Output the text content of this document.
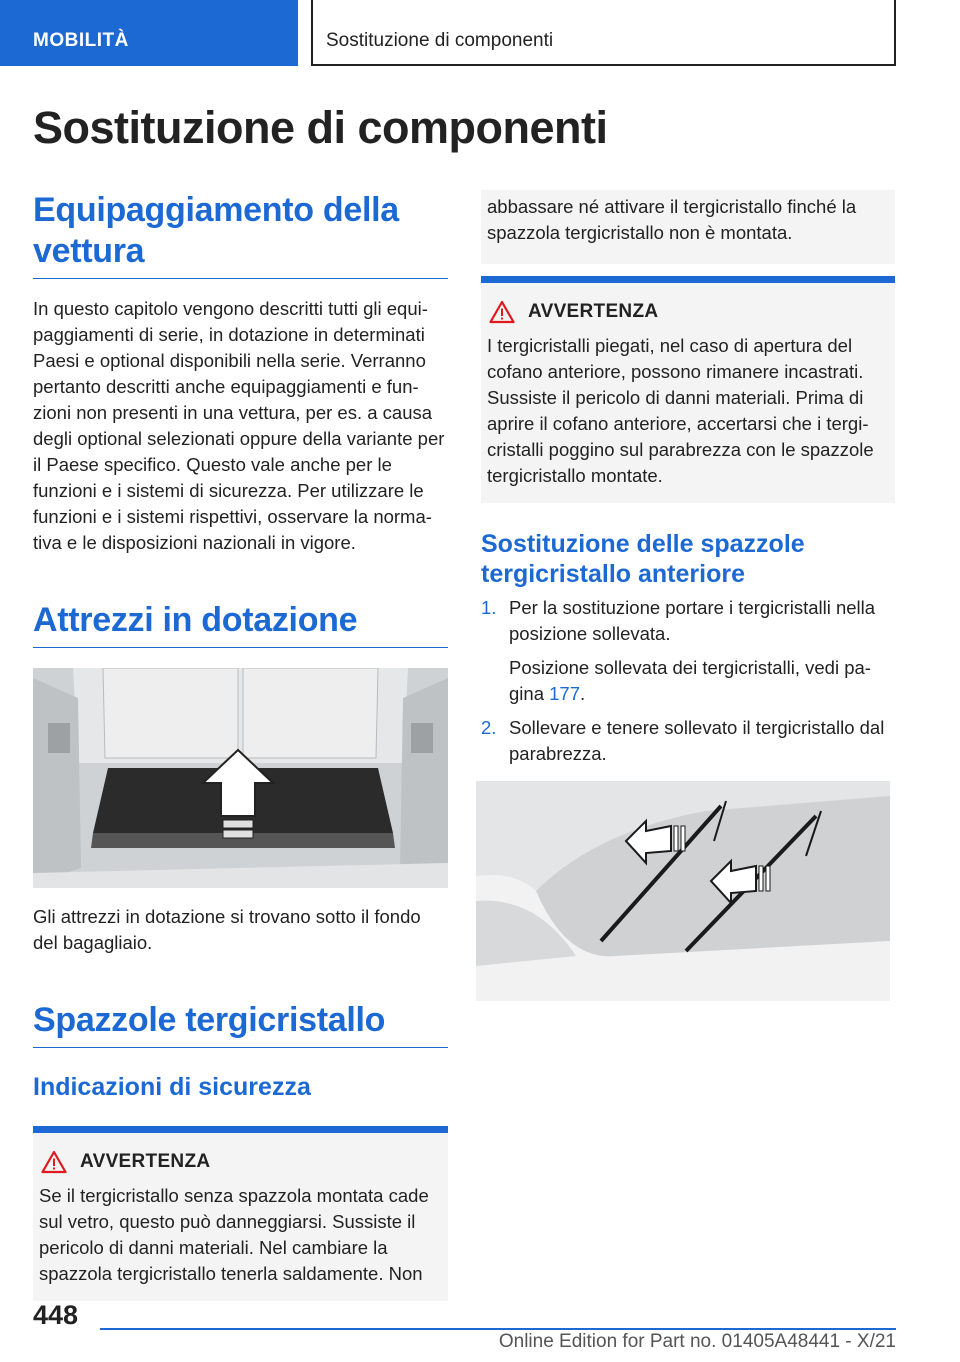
MOBILITÀ	Sostituzione di componenti
Sostituzione di componenti
Equipaggiamento della vettura

In questo capitolo vengono descritti tutti gli equipaggiamenti di serie, in dotazione in determinati Paesi e optional disponibili nella serie. Verranno pertanto descritti anche equipaggiamenti e funzioni non presenti in una vettura, per es. a causa degli optional selezionati oppure della variante per il Paese specifico. Questo vale anche per le funzioni e i sistemi di sicurezza. Per utilizzare le funzioni e i sistemi rispettivi, osservare la normativa e le disposizioni nazionali in vigore.

Attrezzi in dotazione

Gli attrezzi in dotazione si trovano sotto il fondo del bagagliaio.

Spazzole tergicristallo
Indicazioni di sicurezza
AVVERTENZA

Se il tergicristallo senza spazzola montata cade sul vetro, questo può danneggiarsi. Sussiste il pericolo di danni materiali. Nel cambiare la spazzola tergicristallo tenerla saldamente. Non

abbassare né attivare il tergicristallo finché la spazzola tergicristallo non è montata.

AVVERTENZA

I tergicristalli piegati, nel caso di apertura del cofano anteriore, possono rimanere incastrati. Sussiste il pericolo di danni materiali. Prima di aprire il cofano anteriore, accertarsi che i tergicristalli poggino sul parabrezza con le spazzole tergicristallo montate.

Sostituzione delle spazzole tergicristallo anteriore
1. Per la sostituzione portare i tergicristalli nella posizione sollevata.

Posizione sollevata dei tergicristalli, vedi pagina 177.

2. Sollevare e tenere sollevato il tergicristallo dal parabrezza.

448
Online Edition for Part no. 01405A48441 - X/21
